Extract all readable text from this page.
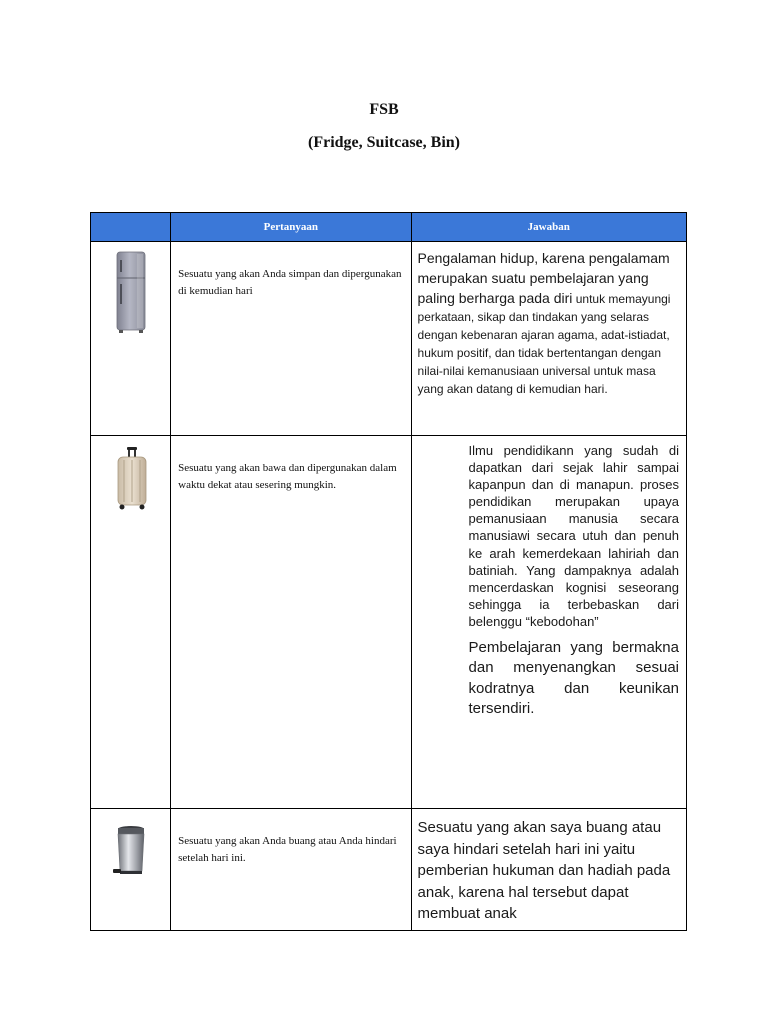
FSB
(Fridge, Suitcase, Bin)
	Pertanyaan	Jawaban

Sesuatu yang akan Anda simpan dan dipergunakan di kemudian hari	Pengalaman hidup, karena pengalamam merupakan suatu pembelajaran yang paling berharga pada diri untuk memayungi perkataan, sikap dan tindakan yang selaras dengan kebenaran ajaran agama, adat-istiadat, hukum positif, dan tidak bertentangan dengan nilai-nilai kemanusiaan universal untuk masa yang akan datang di kemudian hari.

Sesuatu yang akan bawa dan dipergunakan dalam waktu dekat atau sesering mungkin.	Ilmu pendidikann yang sudah di dapatkan dari sejak lahir sampai kapanpun dan di manapun. proses pendidikan merupakan upaya pemanusiaan manusia secara manusiawi secara utuh dan penuh ke arah kemerdekaan lahiriah dan batiniah. Yang dampaknya adalah mencerdaskan kognisi seseorang sehingga ia terbebaskan dari belenggu “kebodohan”
Pembelajaran yang bermakna dan menyenangkan sesuai kodratnya dan keunikan tersendiri.

Sesuatu yang akan Anda buang atau Anda hindari setelah hari ini.	Sesuatu yang akan saya buang atau saya hindari setelah hari ini yaitu pemberian hukuman dan hadiah pada anak, karena hal tersebut dapat membuat anak
